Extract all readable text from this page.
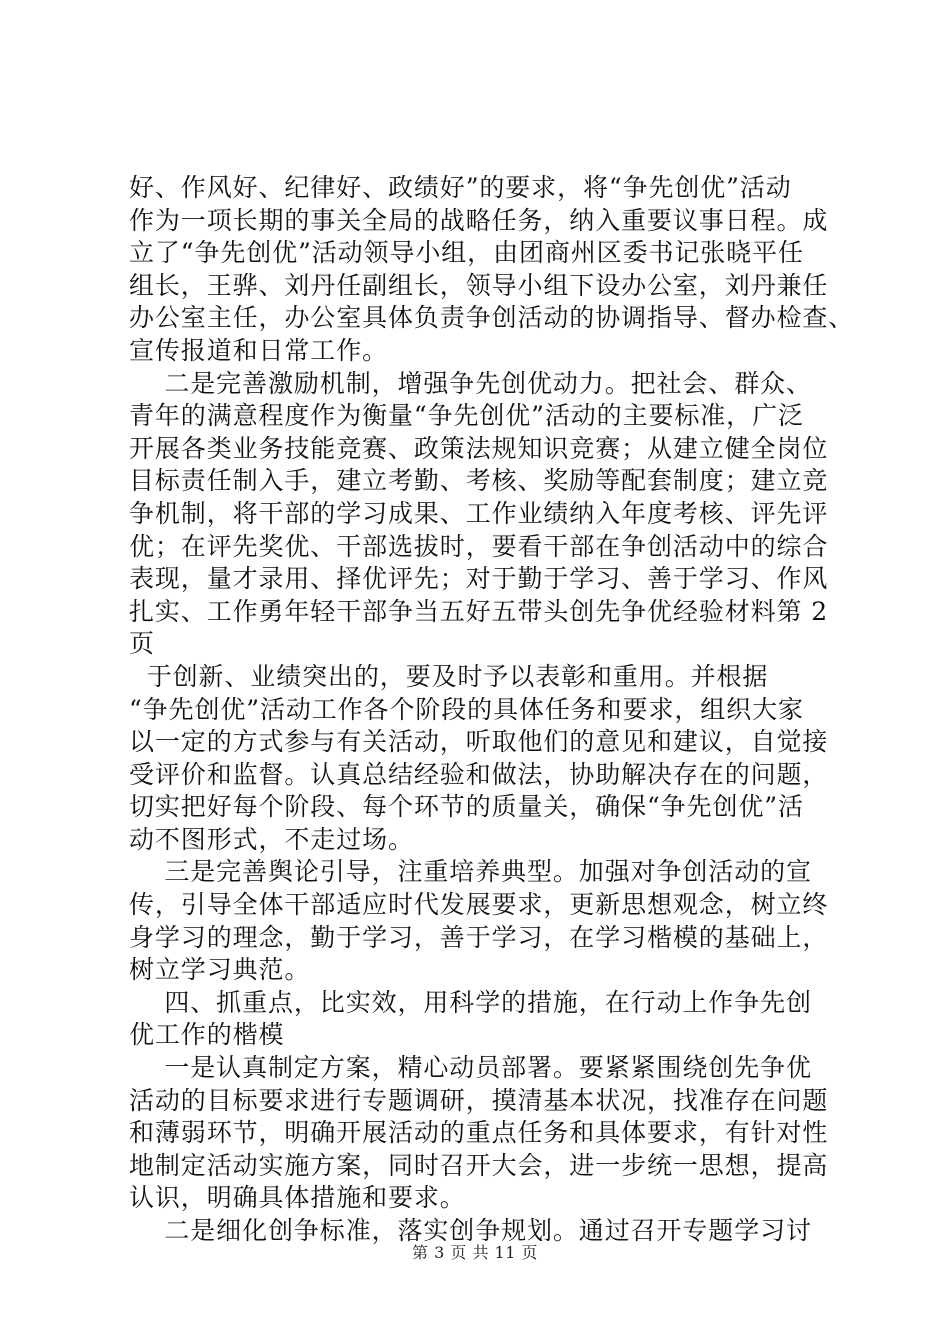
好、作风好、纪律好、政绩好”的要求，将“争先创优”活动
作为一项长期的事关全局的战略任务，纳入重要议事日程。成
立了“争先创优”活动领导小组，由团商州区委书记张晓平任
组长，王骅、刘丹任副组长，领导小组下设办公室，刘丹兼任
办公室主任，办公室具体负责争创活动的协调指导、督办检查、
宣传报道和日常工作。
二是完善激励机制，增强争先创优动力。把社会、群众、
青年的满意程度作为衡量“争先创优”活动的主要标准，广泛
开展各类业务技能竞赛、政策法规知识竞赛；从建立健全岗位
目标责任制入手，建立考勤、考核、奖励等配套制度；建立竞
争机制，将干部的学习成果、工作业绩纳入年度考核、评先评
优；在评先奖优、干部选拔时，要看干部在争创活动中的综合
表现，量才录用、择优评先；对于勤于学习、善于学习、作风
扎实、工作勇年轻干部争当五好五带头创先争优经验材料第 2
页
于创新、业绩突出的，要及时予以表彰和重用。并根据
“争先创优”活动工作各个阶段的具体任务和要求，组织大家
以一定的方式参与有关活动，听取他们的意见和建议，自觉接
受评价和监督。认真总结经验和做法，协助解决存在的问题，
切实把好每个阶段、每个环节的质量关，确保“争先创优”活
动不图形式，不走过场。
三是完善舆论引导，注重培养典型。加强对争创活动的宣
传，引导全体干部适应时代发展要求，更新思想观念，树立终
身学习的理念，勤于学习，善于学习，在学习楷模的基础上，
树立学习典范。
四、抓重点，比实效，用科学的措施，在行动上作争先创
优工作的楷模
一是认真制定方案，精心动员部署。要紧紧围绕创先争优
活动的目标要求进行专题调研，摸清基本状况，找准存在问题
和薄弱环节，明确开展活动的重点任务和具体要求，有针对性
地制定活动实施方案，同时召开大会，进一步统一思想，提高
认识，明确具体措施和要求。
二是细化创争标准，落实创争规划。通过召开专题学习讨
第 3 页 共 11 页
